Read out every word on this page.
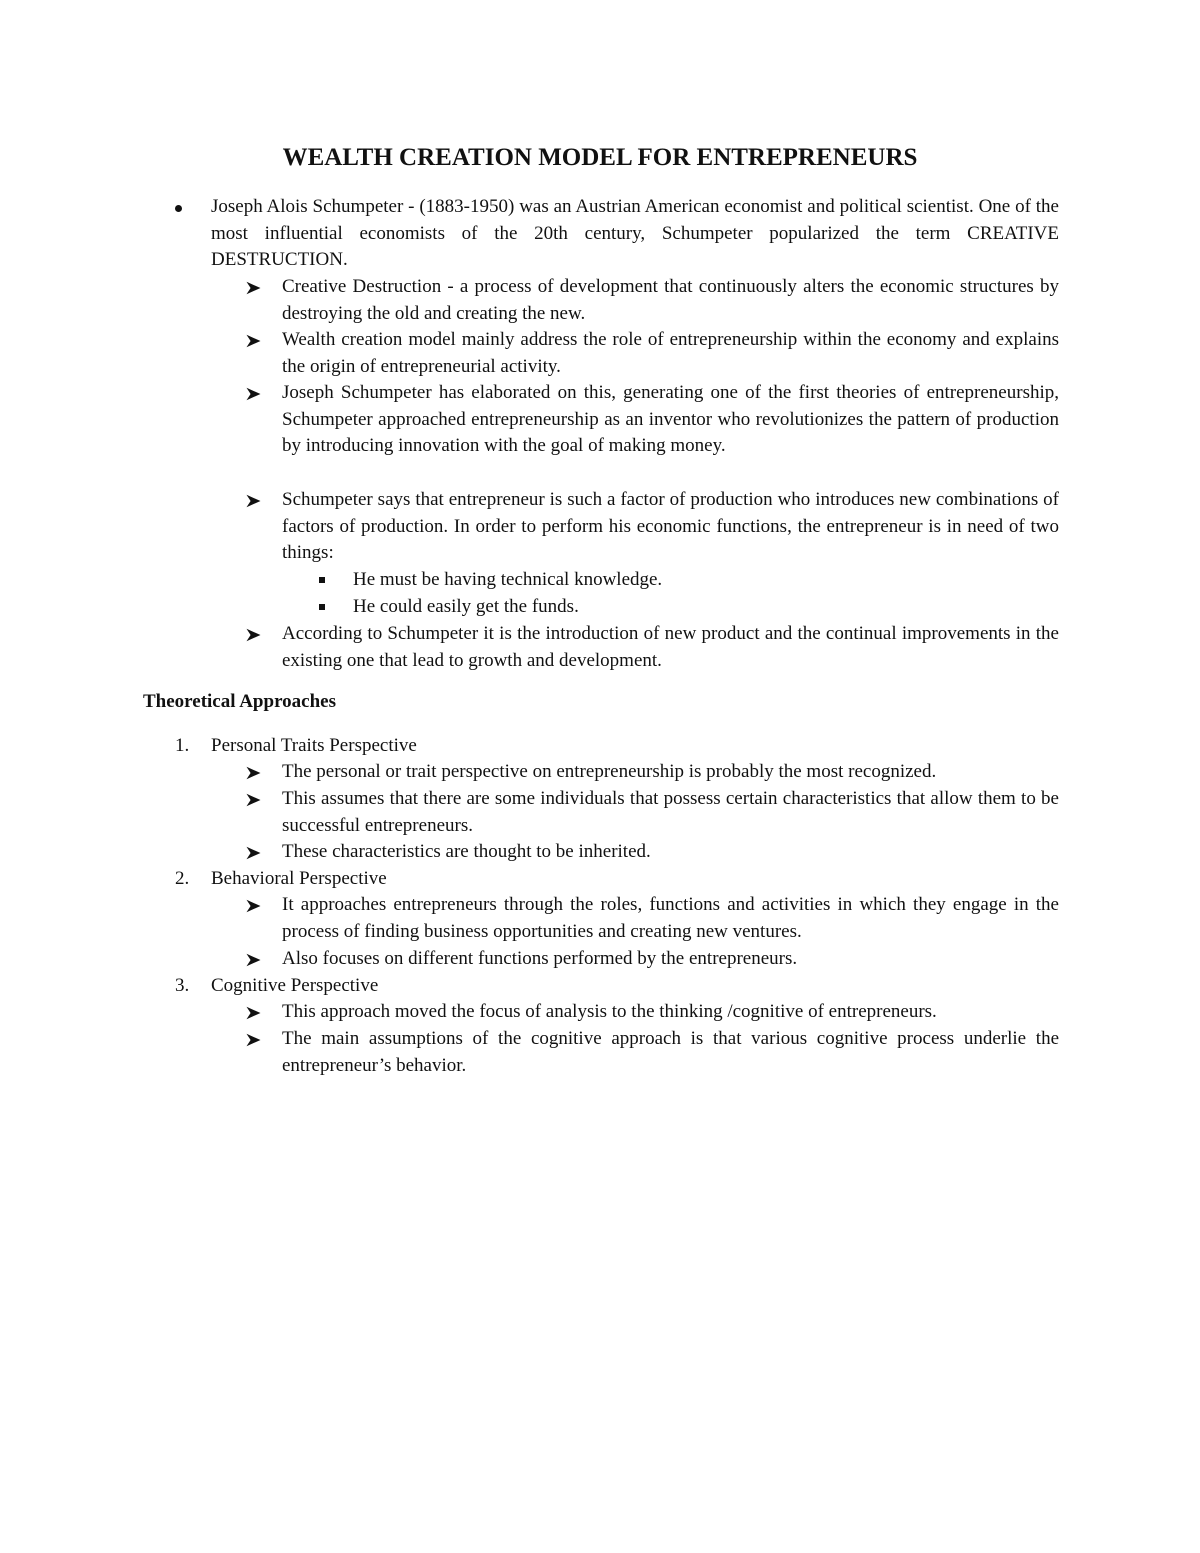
WEALTH CREATION MODEL FOR ENTREPRENEURS
Joseph Alois Schumpeter - (1883-1950) was an Austrian American economist and political scientist. One of the most influential economists of the 20th century, Schumpeter popularized the term CREATIVE DESTRUCTION.
Creative Destruction - a process of development that continuously alters the economic structures by destroying the old and creating the new.
Wealth creation model mainly address the role of entrepreneurship within the economy and explains the origin of entrepreneurial activity.
Joseph Schumpeter has elaborated on this, generating one of the first theories of entrepreneurship, Schumpeter approached entrepreneurship as an inventor who revolutionizes the pattern of production by introducing innovation with the goal of making money.
Schumpeter says that entrepreneur is such a factor of production who introduces new combinations of factors of production. In order to perform his economic functions, the entrepreneur is in need of two things:
He must be having technical knowledge.
He could easily get the funds.
According to Schumpeter it is the introduction of new product and the continual improvements in the existing one that lead to growth and development.
Theoretical Approaches
1. Personal Traits Perspective
The personal or trait perspective on entrepreneurship is probably the most recognized.
This assumes that there are some individuals that possess certain characteristics that allow them to be successful entrepreneurs.
These characteristics are thought to be inherited.
2. Behavioral Perspective
It approaches entrepreneurs through the roles, functions and activities in which they engage in the process of finding business opportunities and creating new ventures.
Also focuses on different functions performed by the entrepreneurs.
3. Cognitive Perspective
This approach moved the focus of analysis to the thinking /cognitive of entrepreneurs.
The main assumptions of the cognitive approach is that various cognitive process underlie the entrepreneur’s behavior.
